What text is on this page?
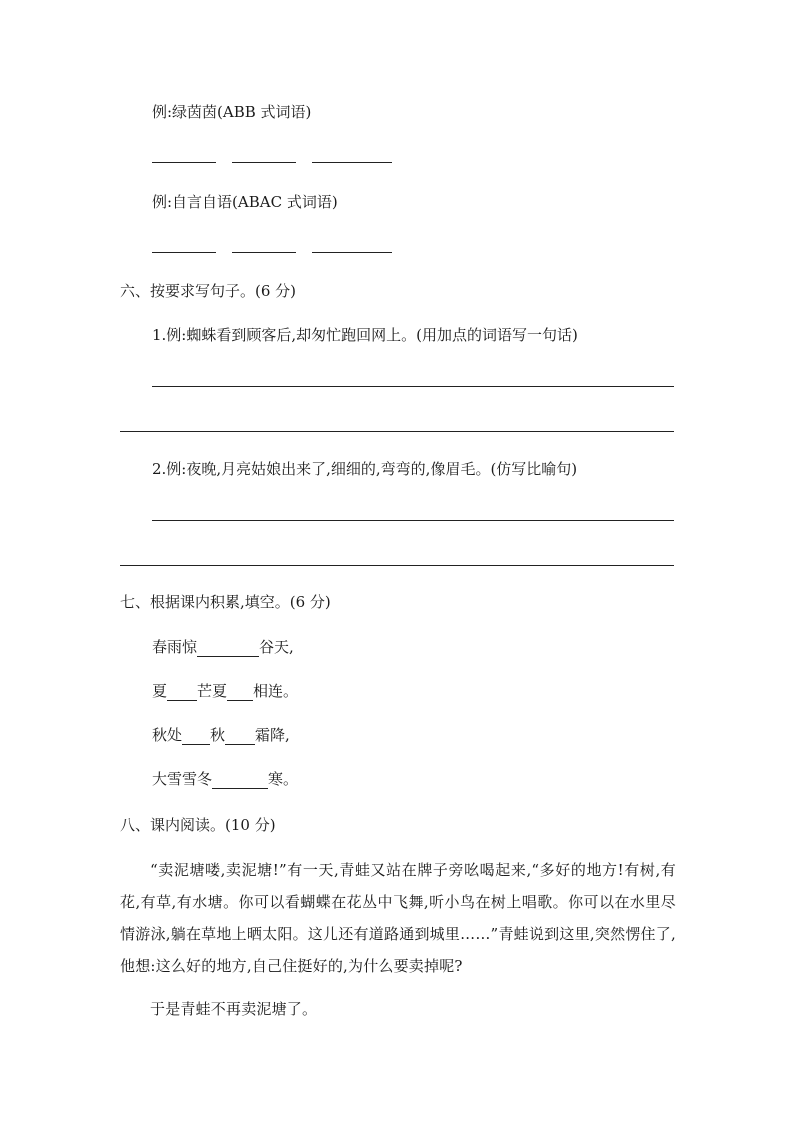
例:绿茵茵(ABB 式词语)
例:自言自语(ABAC 式词语)
六、按要求写句子。(6 分)
1.例:蜘蛛看到顾客后,却匆忙跑回网上。(用加点的词语写一句话)
2.例:夜晚,月亮姑娘出来了,细细的,弯弯的,像眉毛。(仿写比喻句)
七、根据课内积累,填空。(6 分)
春雨惊	谷天,
夏 芒夏 相连。
秋处 秋 霜降,
大雪雪冬	寒。
八、课内阅读。(10 分)
“卖泥塘喽,卖泥塘!”有一天,青蛙又站在牌子旁吆喝起来,“多好的地方!有树,有花,有草,有水塘。你可以看蝴蝶在花丛中飞舞,听小鸟在树上唱歌。你可以在水里尽情游泳,躺在草地上晒太阳。这儿还有道路通到城里……”青蛙说到这里,突然愣住了,他想:这么好的地方,自己住挺好的,为什么要卖掉呢?
于是青蛙不再卖泥塘了。
